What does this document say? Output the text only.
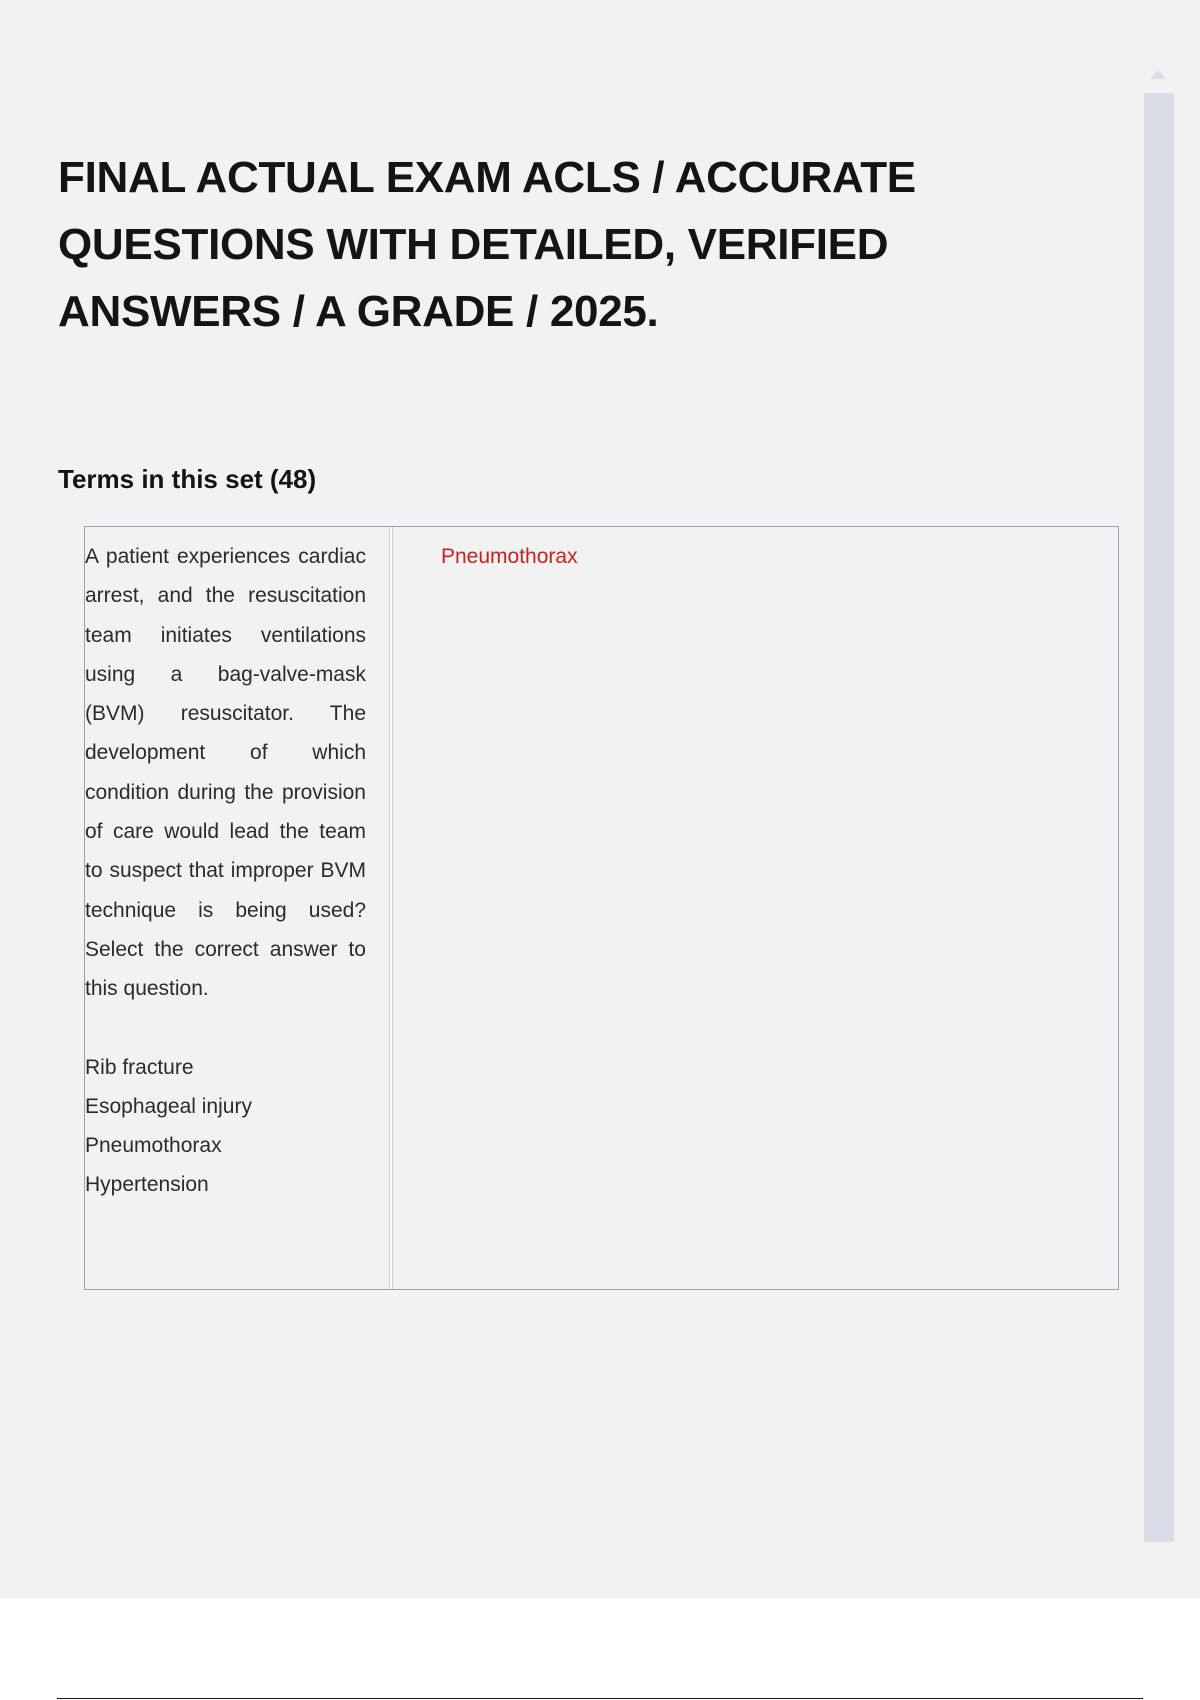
FINAL ACTUAL EXAM ACLS / ACCURATE
QUESTIONS WITH DETAILED, VERIFIED
ANSWERS / A GRADE / 2025.
Terms in this set (48)

A patient experiences cardiac arrest, and the resuscitation team initiates ventilations using a bag-valve-mask (BVM) resuscitator. The development of which condition during the provision of care would lead the team to suspect that improper BVM technique is being used? Select the correct answer to this question.

Rib fracture
Esophageal injury
Pneumothorax
Hypertension
Pneumothorax
